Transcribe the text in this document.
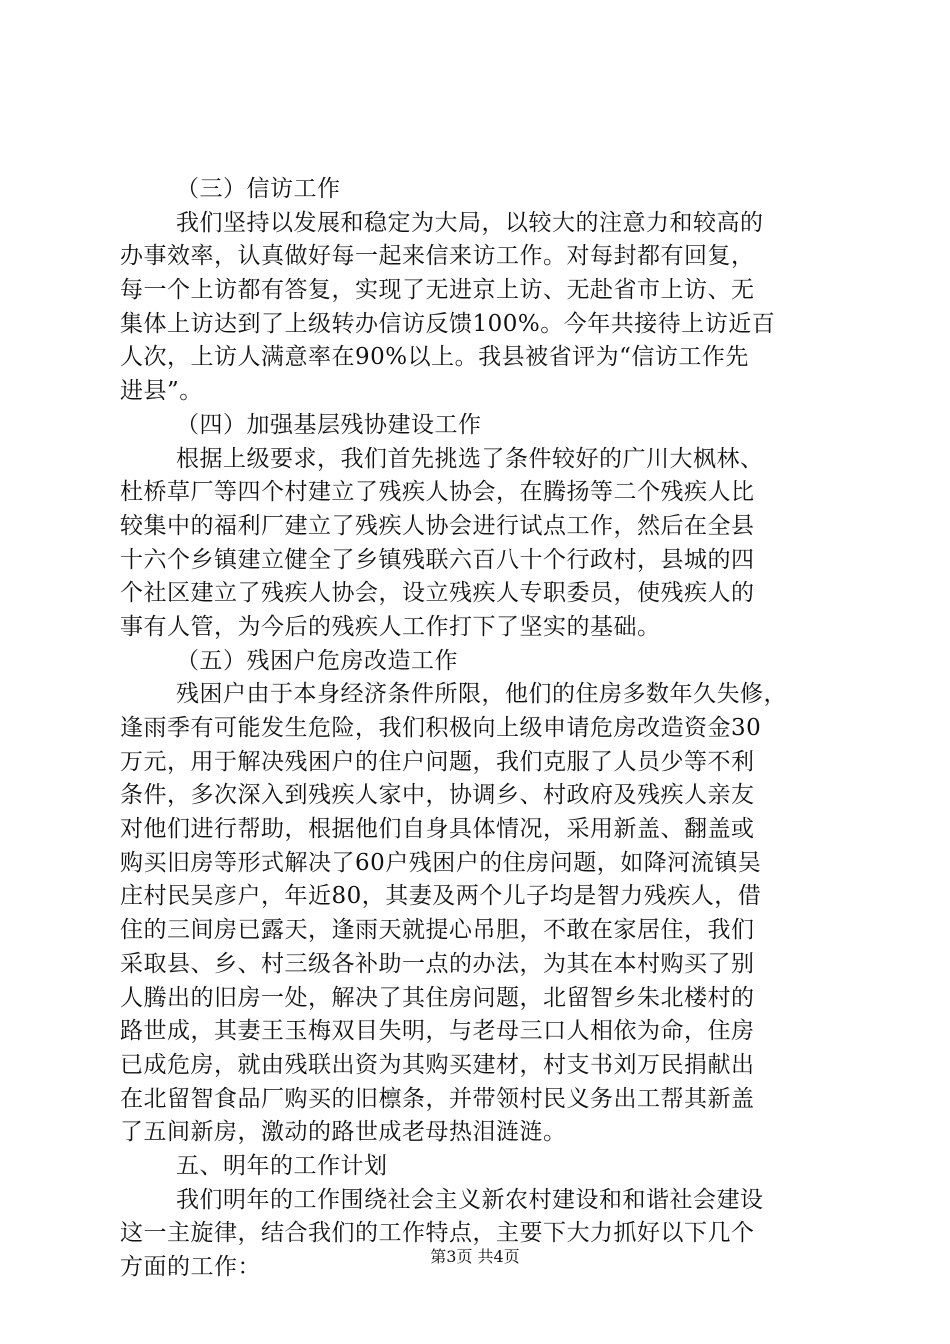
（三）信访工作
我们坚持以发展和稳定为大局，以较大的注意力和较高的
办事效率，认真做好每一起来信来访工作。对每封都有回复，
每一个上访都有答复，实现了无进京上访、无赴省市上访、无
集体上访达到了上级转办信访反馈100%。今年共接待上访近百
人次，上访人满意率在90%以上。我县被省评为“信访工作先
进县”。
（四）加强基层残协建设工作
根据上级要求，我们首先挑选了条件较好的广川大枫林、
杜桥草厂等四个村建立了残疾人协会，在腾扬等二个残疾人比
较集中的福利厂建立了残疾人协会进行试点工作，然后在全县
十六个乡镇建立健全了乡镇残联六百八十个行政村，县城的四
个社区建立了残疾人协会，设立残疾人专职委员，使残疾人的
事有人管，为今后的残疾人工作打下了坚实的基础。
（五）残困户危房改造工作
残困户由于本身经济条件所限，他们的住房多数年久失修，
逢雨季有可能发生危险，我们积极向上级申请危房改造资金30
万元，用于解决残困户的住户问题，我们克服了人员少等不利
条件，多次深入到残疾人家中，协调乡、村政府及残疾人亲友
对他们进行帮助，根据他们自身具体情况，采用新盖、翻盖或
购买旧房等形式解决了60户残困户的住房问题，如降河流镇吴
庄村民吴彦户，年近80，其妻及两个儿子均是智力残疾人，借
住的三间房已露天，逢雨天就提心吊胆，不敢在家居住，我们
采取县、乡、村三级各补助一点的办法，为其在本村购买了别
人腾出的旧房一处，解决了其住房问题，北留智乡朱北楼村的
路世成，其妻王玉梅双目失明，与老母三口人相依为命，住房
已成危房，就由残联出资为其购买建材，村支书刘万民捐献出
在北留智食品厂购买的旧檩条，并带领村民义务出工帮其新盖
了五间新房，激动的路世成老母热泪涟涟。
五、明年的工作计划
我们明年的工作围绕社会主义新农村建设和和谐社会建设
这一主旋律，结合我们的工作特点，主要下大力抓好以下几个
方面的工作：	第3页 共4页
